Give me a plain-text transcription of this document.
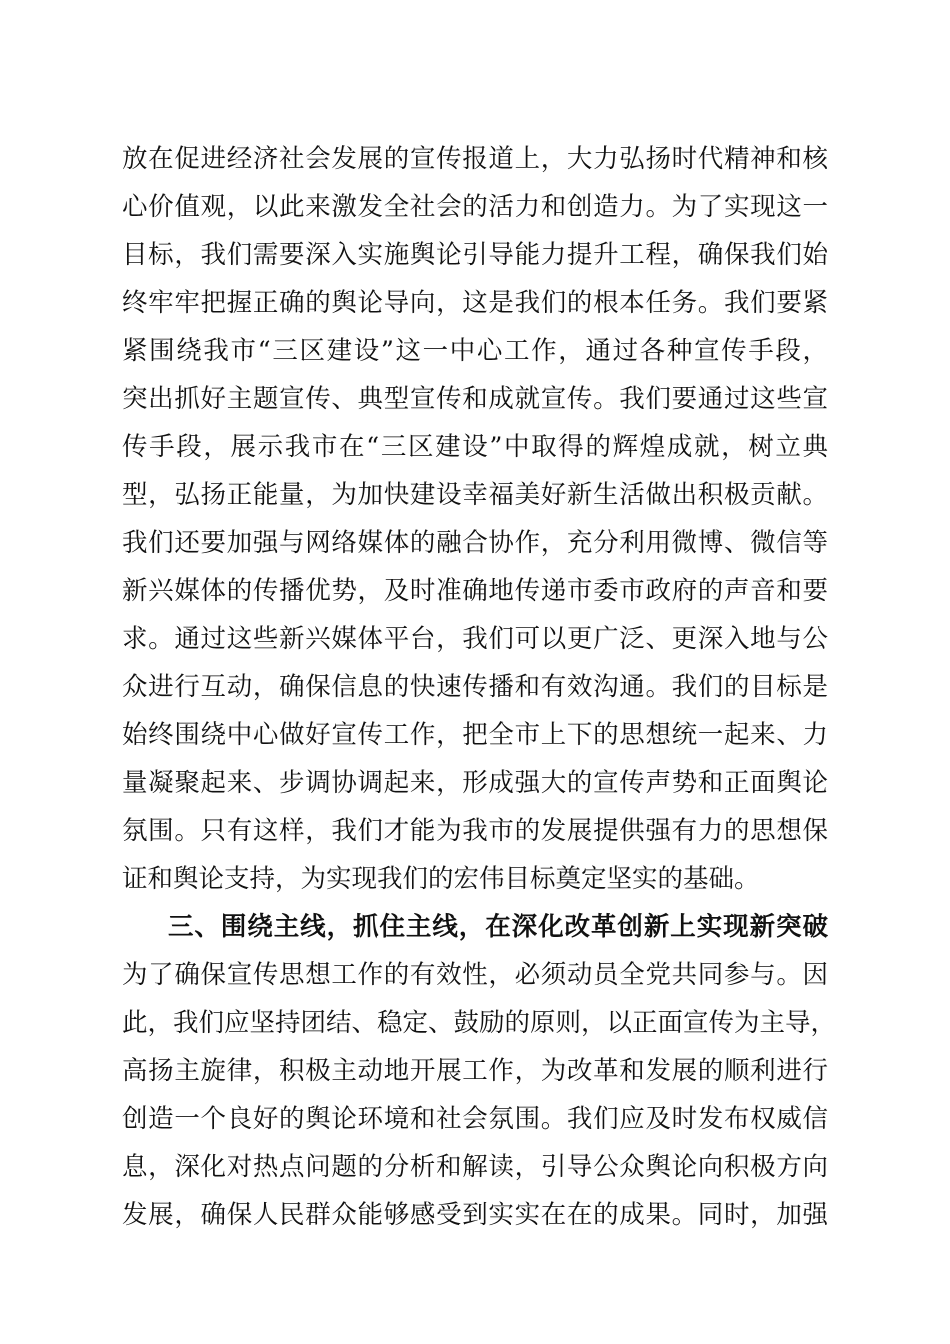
放在促进经济社会发展的宣传报道上，大力弘扬时代精神和核
心价值观，以此来激发全社会的活力和创造力。为了实现这一
目标，我们需要深入实施舆论引导能力提升工程，确保我们始
终牢牢把握正确的舆论导向，这是我们的根本任务。我们要紧
紧围绕我市“三区建设”这一中心工作，通过各种宣传手段，
突出抓好主题宣传、典型宣传和成就宣传。我们要通过这些宣
传手段，展示我市在“三区建设”中取得的辉煌成就，树立典
型，弘扬正能量，为加快建设幸福美好新生活做出积极贡献。
我们还要加强与网络媒体的融合协作，充分利用微博、微信等
新兴媒体的传播优势，及时准确地传递市委市政府的声音和要
求。通过这些新兴媒体平台，我们可以更广泛、更深入地与公
众进行互动，确保信息的快速传播和有效沟通。我们的目标是
始终围绕中心做好宣传工作，把全市上下的思想统一起来、力
量凝聚起来、步调协调起来，形成强大的宣传声势和正面舆论
氛围。只有这样，我们才能为我市的发展提供强有力的思想保
证和舆论支持，为实现我们的宏伟目标奠定坚实的基础。
三、围绕主线，抓住主线，在深化改革创新上实现新突破
为了确保宣传思想工作的有效性，必须动员全党共同参与。因
此，我们应坚持团结、稳定、鼓励的原则，以正面宣传为主导，
高扬主旋律，积极主动地开展工作，为改革和发展的顺利进行
创造一个良好的舆论环境和社会氛围。我们应及时发布权威信
息，深化对热点问题的分析和解读，引导公众舆论向积极方向
发展，确保人民群众能够感受到实实在在的成果。同时，加强
